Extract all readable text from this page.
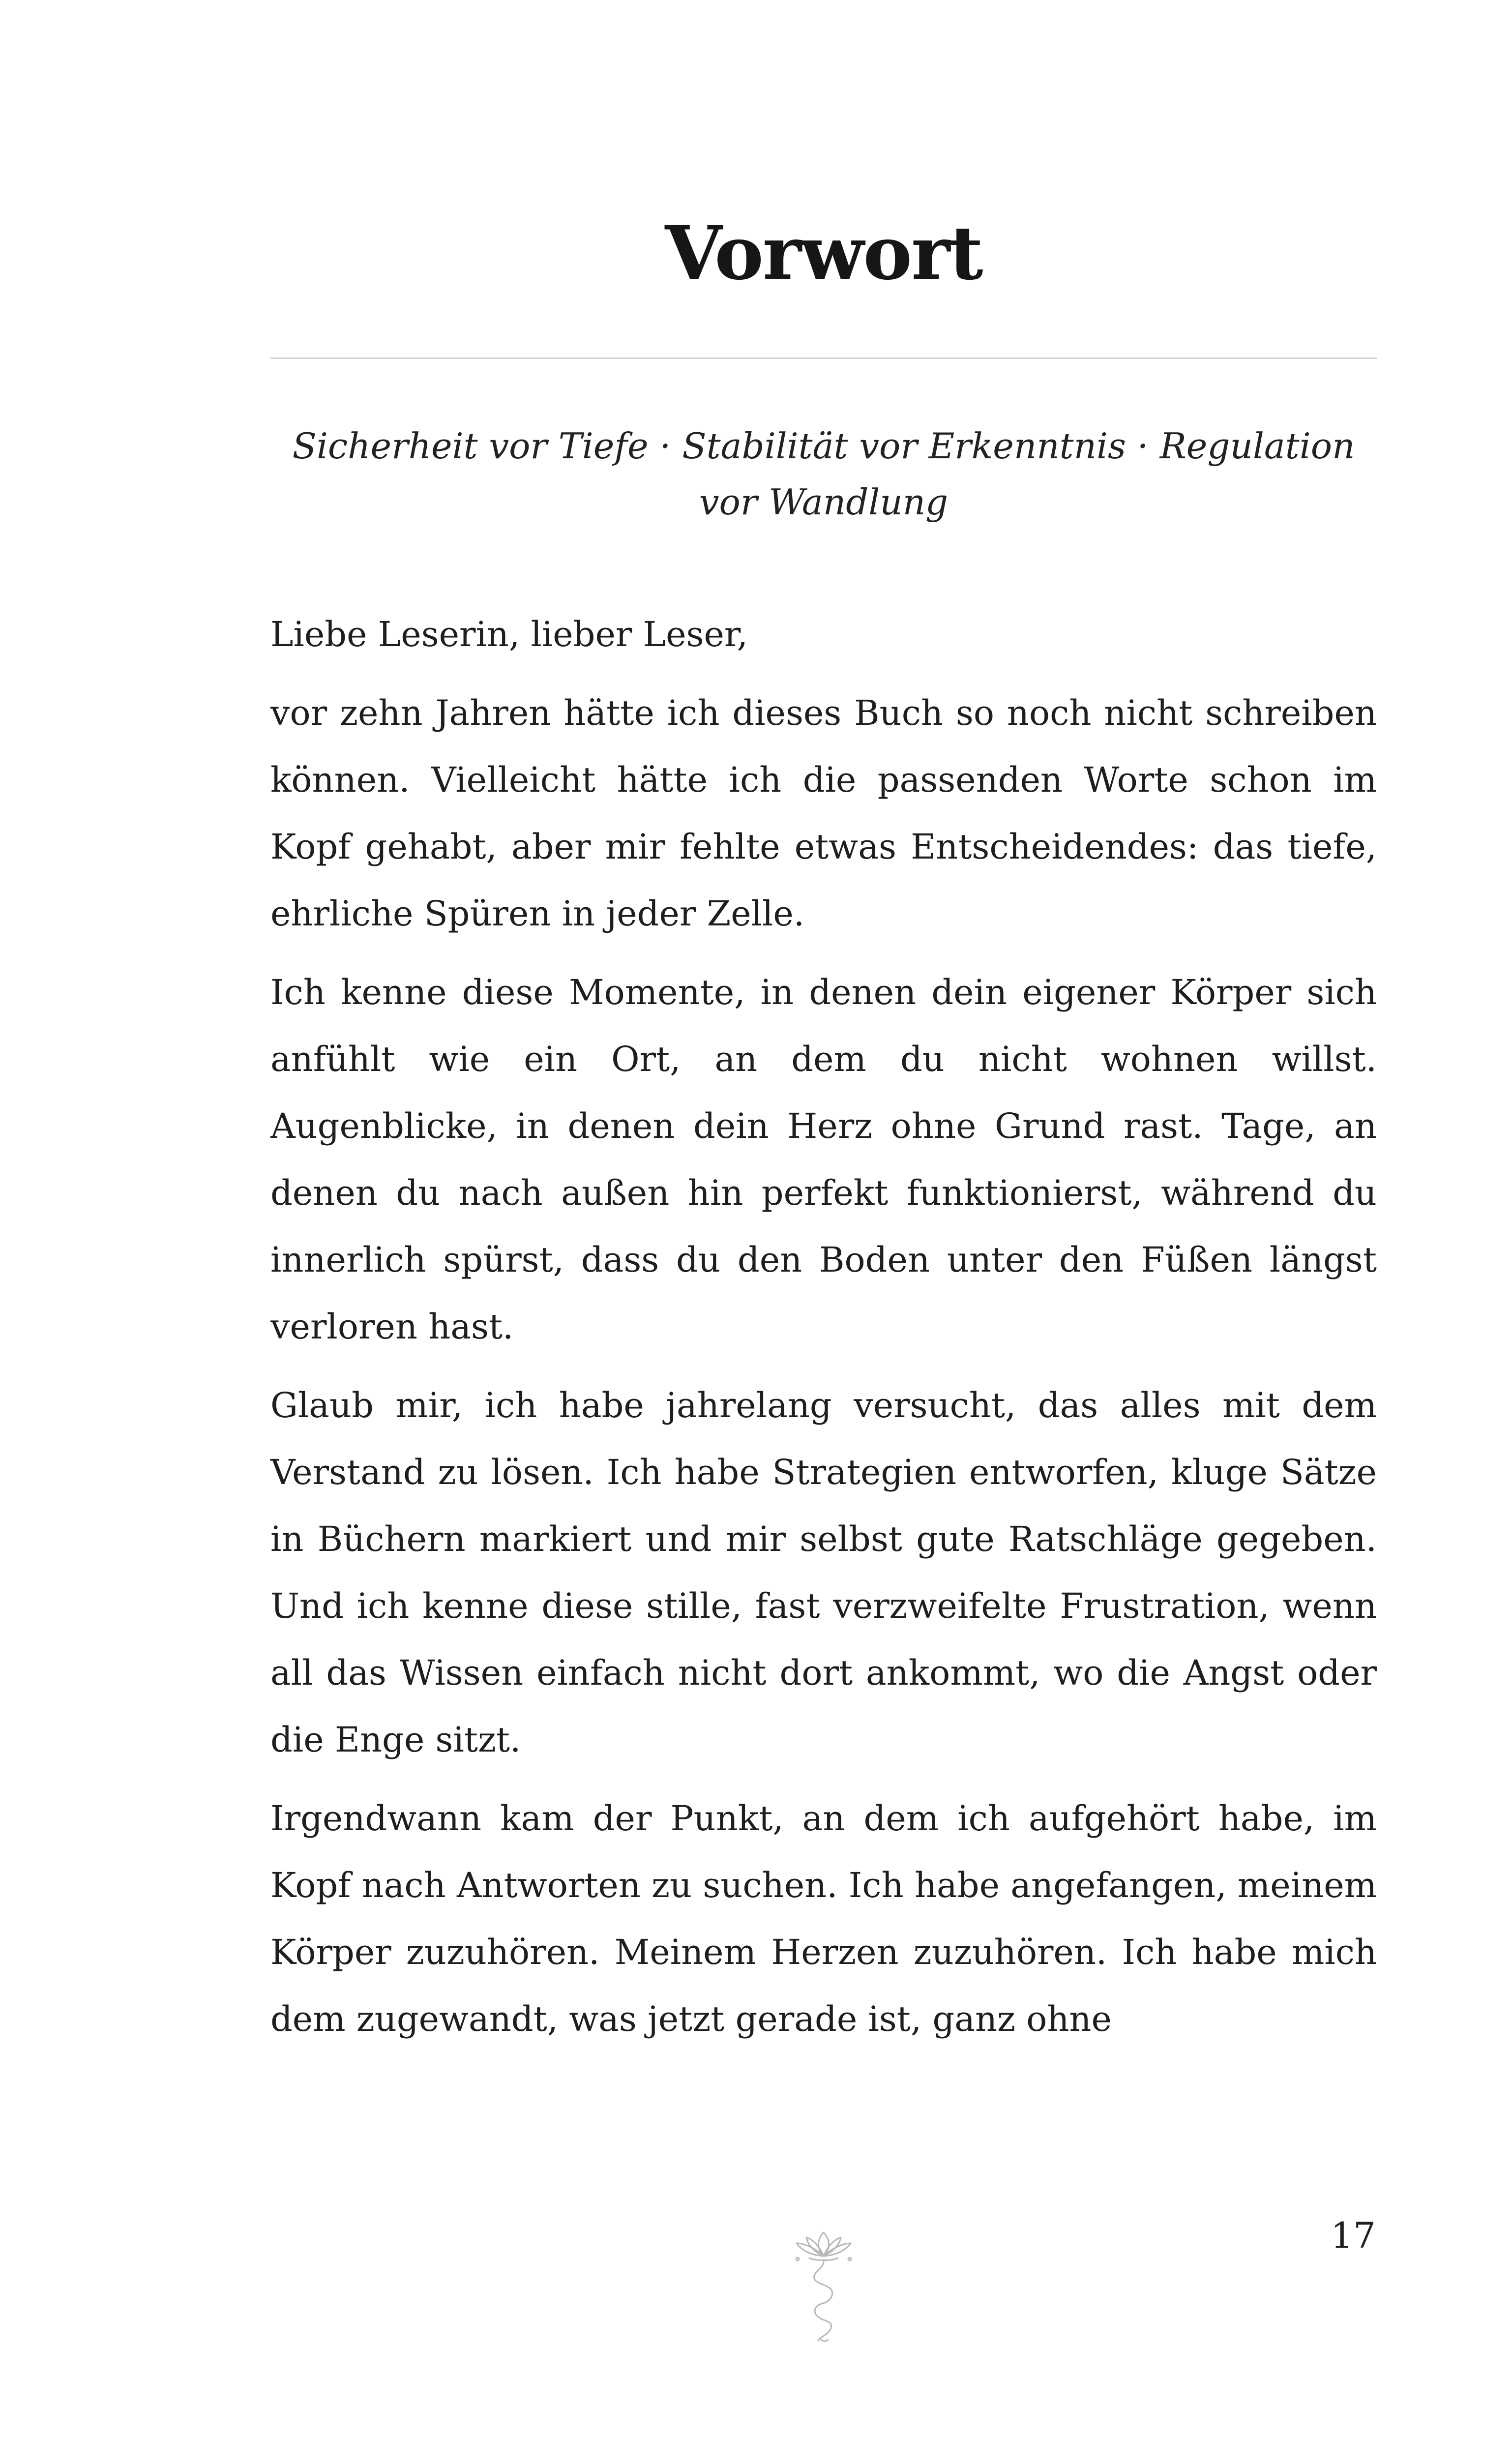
Vorwort

Sicherheit vor Tiefe · Stabilität vor Erkenntnis · Regulation vor Wandlung

Liebe Leserin, lieber Leser,

vor zehn Jahren hätte ich dieses Buch so noch nicht schreiben können. Vielleicht hätte ich die passenden Worte schon im Kopf gehabt, aber mir fehlte etwas Entscheidendes: das tiefe, ehrliche Spüren in jeder Zelle.

Ich kenne diese Momente, in denen dein eigener Körper sich anfühlt wie ein Ort, an dem du nicht wohnen willst. Augenblicke, in denen dein Herz ohne Grund rast. Tage, an denen du nach außen hin perfekt funktionierst, während du innerlich spürst, dass du den Boden unter den Füßen längst verloren hast.

Glaub mir, ich habe jahrelang versucht, das alles mit dem Verstand zu lösen. Ich habe Strategien entworfen, kluge Sätze in Büchern markiert und mir selbst gute Ratschläge gegeben. Und ich kenne diese stille, fast verzweifelte Frustration, wenn all das Wissen einfach nicht dort ankommt, wo die Angst oder die Enge sitzt.

Irgendwann kam der Punkt, an dem ich aufgehört habe, im Kopf nach Antworten zu suchen. Ich habe angefangen, meinem Körper zuzuhören. Meinem Herzen zuzuhören. Ich habe mich dem zugewandt, was jetzt gerade ist, ganz ohne

17
